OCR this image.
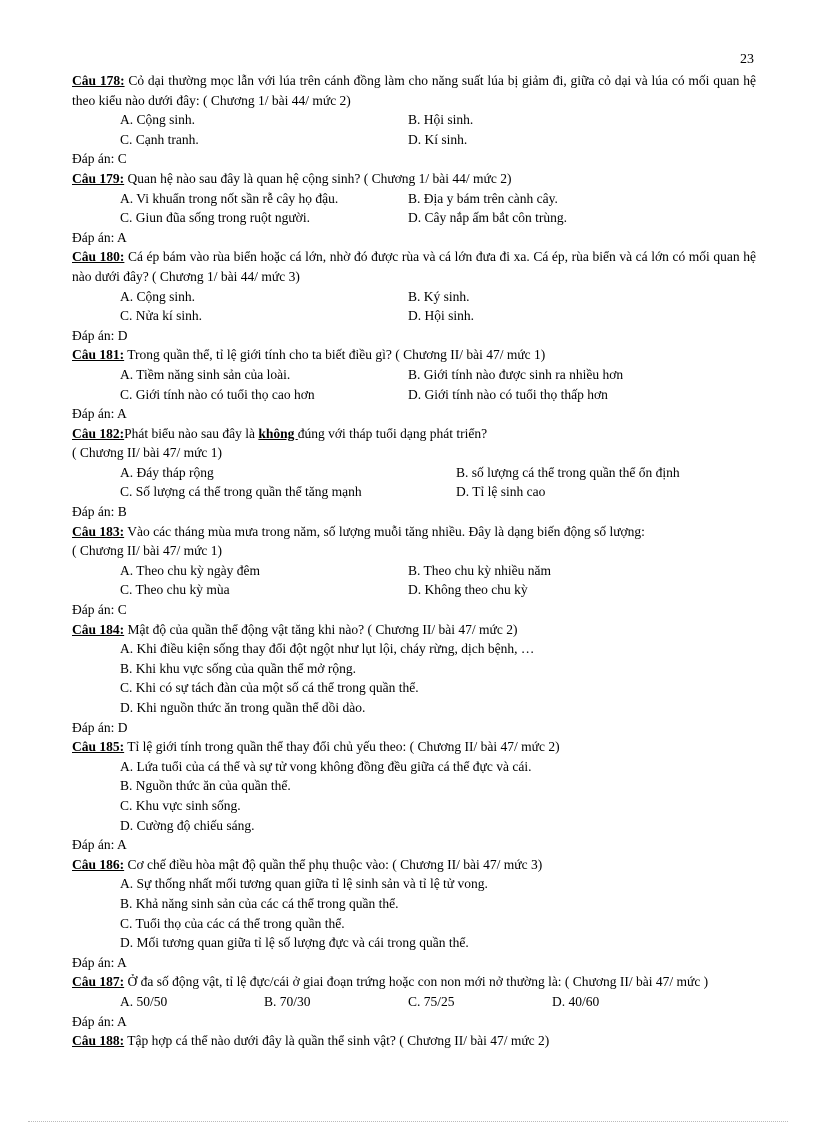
23
Câu 178: Cỏ dại thường mọc lẫn với lúa trên cánh đồng làm cho năng suất lúa bị giảm đi, giữa cỏ dại và lúa có mối quan hệ theo kiểu nào dưới đây: ( Chương 1/ bài 44/ mức 2)
A. Cộng sinh.	B. Hội sinh.
C. Cạnh tranh.	D. Kí sinh.
Đáp án: C
Câu 179: Quan hệ nào sau đây là quan hệ cộng sinh? ( Chương 1/ bài 44/ mức 2)
A. Vi khuẩn trong nốt sần rễ cây họ đậu.	B. Địa y bám trên cành cây.
C. Giun đũa sống trong ruột người.	D. Cây nắp ấm bắt côn trùng.
Đáp án: A
Câu 180: Cá ép bám vào rùa biển hoặc cá lớn, nhờ đó được rùa và cá lớn đưa đi xa. Cá ép, rùa biển và cá lớn có mối quan hệ nào dưới đây? ( Chương 1/ bài 44/ mức 3)
A. Cộng sinh.	B. Ký sinh.
C. Nửa kí sinh.	D. Hội sinh.
Đáp án: D
Câu 181: Trong quần thể, tỉ lệ giới tính cho ta biết điều gì? ( Chương II/ bài 47/ mức 1)
A. Tiềm năng sinh sản của loài.	B. Giới tính nào được sinh ra nhiều hơn
C. Giới tính nào có tuổi thọ cao hơn	D. Giới tính nào có tuổi thọ thấp hơn
Đáp án: A
Câu 182:Phát biểu nào sau đây là không đúng với tháp tuổi dạng phát triển?
( Chương II/ bài 47/ mức 1)
A. Đáy tháp rộng	B. số lượng cá thể trong quần thể ổn định
C. Số lượng cá thể trong quần thể tăng mạnh	D. Tỉ lệ sinh cao
Đáp án: B
Câu 183: Vào các tháng mùa mưa trong năm, số lượng muỗi tăng nhiều. Đây là dạng biến động số lượng:
( Chương II/ bài 47/ mức 1)
A. Theo chu kỳ ngày đêm	B. Theo chu kỳ nhiều năm
C. Theo chu kỳ mùa	D. Không theo chu kỳ
Đáp án: C
Câu 184: Mật độ của quần thể động vật tăng khi nào? ( Chương II/ bài 47/ mức 2)
A. Khi điều kiện sống thay đổi đột ngột như lụt lội, cháy rừng, dịch bệnh, …
B. Khi khu vực sống của quần thể mở rộng.
C. Khi có sự tách đàn của một số cá thể trong quần thể.
D. Khi nguồn thức ăn trong quần thể dồi dào.
Đáp án: D
Câu 185: Tỉ lệ giới tính trong quần thể thay đổi chủ yếu theo: ( Chương II/ bài 47/ mức 2)
A. Lứa tuổi của cá thể và sự tử vong không đồng đều giữa cá thể đực và cái.
B. Nguồn thức ăn của quần thể.
C. Khu vực sinh sống.
D. Cường độ chiếu sáng.
Đáp án: A
Câu 186: Cơ chế điều hòa mật độ quần thể phụ thuộc vào: ( Chương II/ bài 47/ mức 3)
A. Sự thống nhất mối tương quan giữa tỉ lệ sinh sản và tỉ lệ tử vong.
B. Khả năng sinh sản của các cá thể trong quần thể.
C. Tuổi thọ của các cá thể trong quần thể.
D. Mối tương quan giữa tỉ lệ số lượng đực và cái trong quần thể.
Đáp án: A
Câu 187: Ở đa số động vật, tỉ lệ đực/cái ở giai đoạn trứng hoặc con non mới nở thường là: ( Chương II/ bài 47/ mức )
A. 50/50	B. 70/30	C. 75/25	D. 40/60
Đáp án: A
Câu 188: Tập hợp cá thể nào dưới đây là quần thể sinh vật? ( Chương II/ bài 47/ mức 2)
